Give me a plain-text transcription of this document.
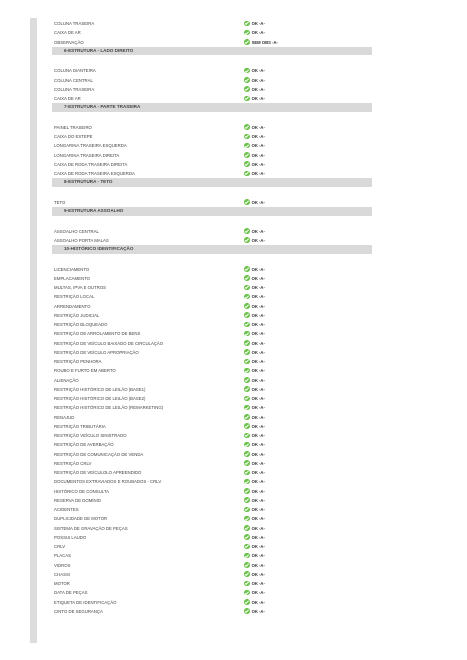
COLUNA TRASEIRA	OK -A-
CAIXA DE AR	OK -A-
OBSERVAÇÃO	SEM OBS -A-
6-ESTRUTURA - LADO DIREITO
COLUNA DIANTEIRA	OK -A-
COLUNA CENTRAL	OK -A-
COLUNA TRASEIRA	OK -A-
CAIXA DE AR	OK -A-
7-ESTRUTURA - PARTE TRASEIRA
PAINEL TRASEIRO	OK -A-
CAIXA DO ESTEPE	OK -A-
LONGARINA TRASEIRA ESQUERDA	OK -A-
LONGARINA TRASEIRA DIREITA	OK -A-
CAIXA DE RODA TRASEIRA DIREITA	OK -A-
CAIXA DE RODA TRASEIRA ESQUERDA	OK -A-
8-ESTRUTURA - TETO
TETO	OK -A-
9-ESTRUTURA ASSOALHO
ASSOALHO CENTRAL	OK -A-
ASSOALHO PORTA MALAS	OK -A-
10-HISTÓRICO IDENTIFICAÇÃO
LICENCIAMENTO	OK -A-
EMPLACAMENTO	OK -A-
MULTAS, IPVA E OUTROS	OK -A-
RESTRIÇÃO LOCAL	OK -A-
ARRENDAMENTO	OK -A-
RESTRIÇÃO JUDICIAL	OK -A-
RESTRIÇÃO BLOQUEADO	OK -A-
RESTRIÇÃO DE ARROLAMENTO DE BENS	OK -A-
RESTRIÇÃO DE VEÍCULO BAIXADO DE CIRCULAÇÃO	OK -A-
RESTRIÇÃO DE VEÍCULO APROPRIAÇÃO	OK -A-
RESTRIÇÃO PENHORA	OK -A-
ROUBO E FURTO EM ABERTO	OK -A-
ALIENAÇÃO	OK -A-
RESTRIÇÃO HISTÓRICO DE LEILÃO (BASE1)	OK -A-
RESTRIÇÃO HISTÓRICO DE LEILÃO (BASE2)	OK -A-
RESTRIÇÃO HISTÓRICO DE LEILÃO (REMARKETING)	OK -A-
RENAJUD	OK -A-
RESTRIÇÃO TRIBUTÁRIA	OK -A-
RESTRIÇÃO VEÍCULO SINISTRADO	OK -A-
RESTRIÇÃO DE AVERBAÇÃO	OK -A-
RESTRIÇÃO DE COMUNICAÇÃO DE VENDA	OK -A-
RESTRIÇÃO CRLV	OK -A-
RESTRIÇÃO DE VEÍCULOLO APREENDIDO	OK -A-
DOCUMENTOS EXTRAVIADOS E ROUBADOS - CRLV	OK -A-
HISTÓRICO DE CONSULTA	OK -A-
RESERVA DE DOMÍNIO	OK -A-
ACIDENTES	OK -A-
DUPLICIDADE DE MOTOR	OK -A-
SISTEMA DE GRAVAÇÃO DE PEÇAS	OK -A-
POSSUI LAUDO	OK -A-
CRLV	OK -A-
PLACAS	OK -A-
VIDROS	OK -A-
CHASSI	OK -A-
MOTOR	OK -A-
DATA DE PEÇAS	OK -A-
ETIQUETA DE IDENTIFICAÇÃO	OK -A-
CINTO DE SEGURANÇA	OK -A-
